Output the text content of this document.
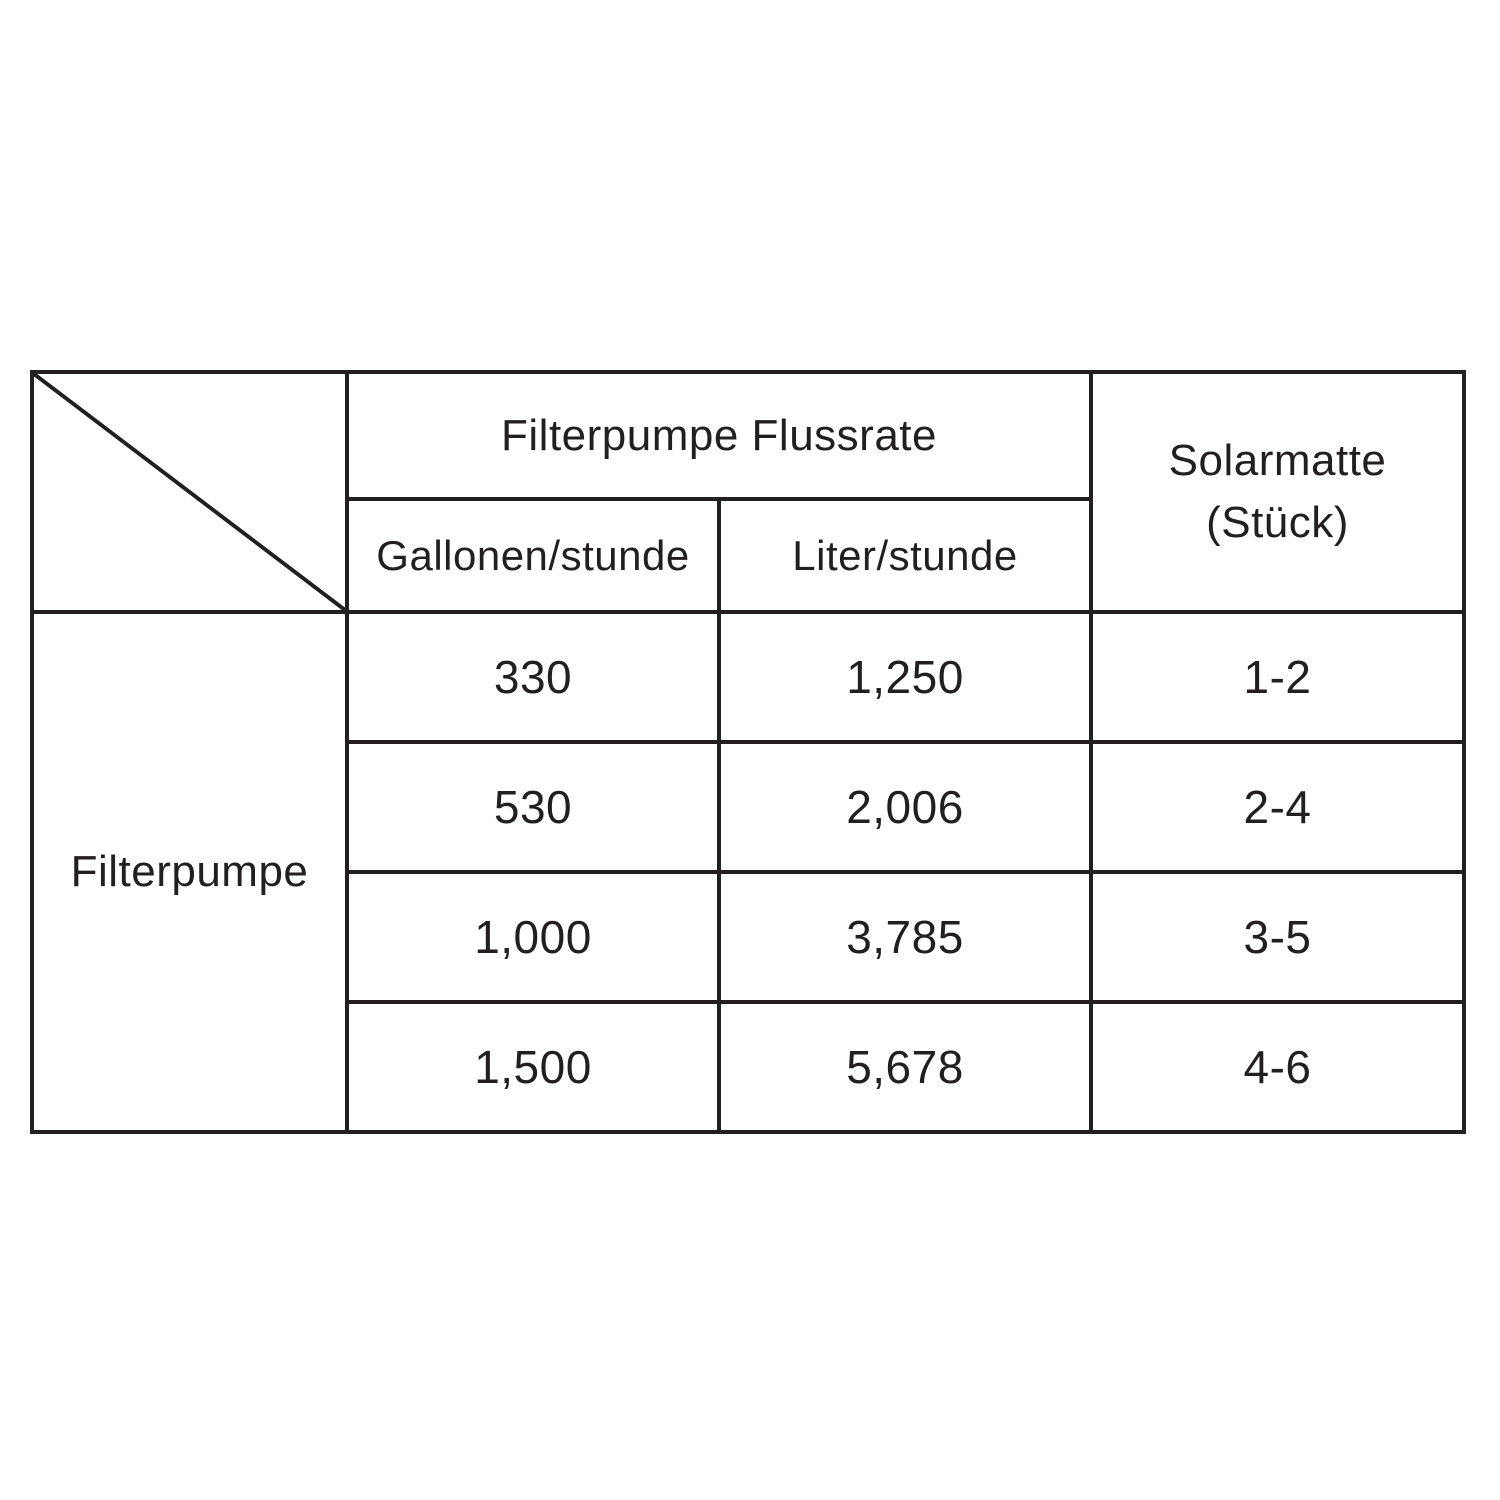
	Filterpumpe Flussrate		Solarmatte
(Stück)

	Gallonen/stunde	Liter/stunde	
Filterpumpe	330	1,250	1-2
	530	2,006	2-4
	1,000	3,785	3-5
	1,500	5,678	4-6
